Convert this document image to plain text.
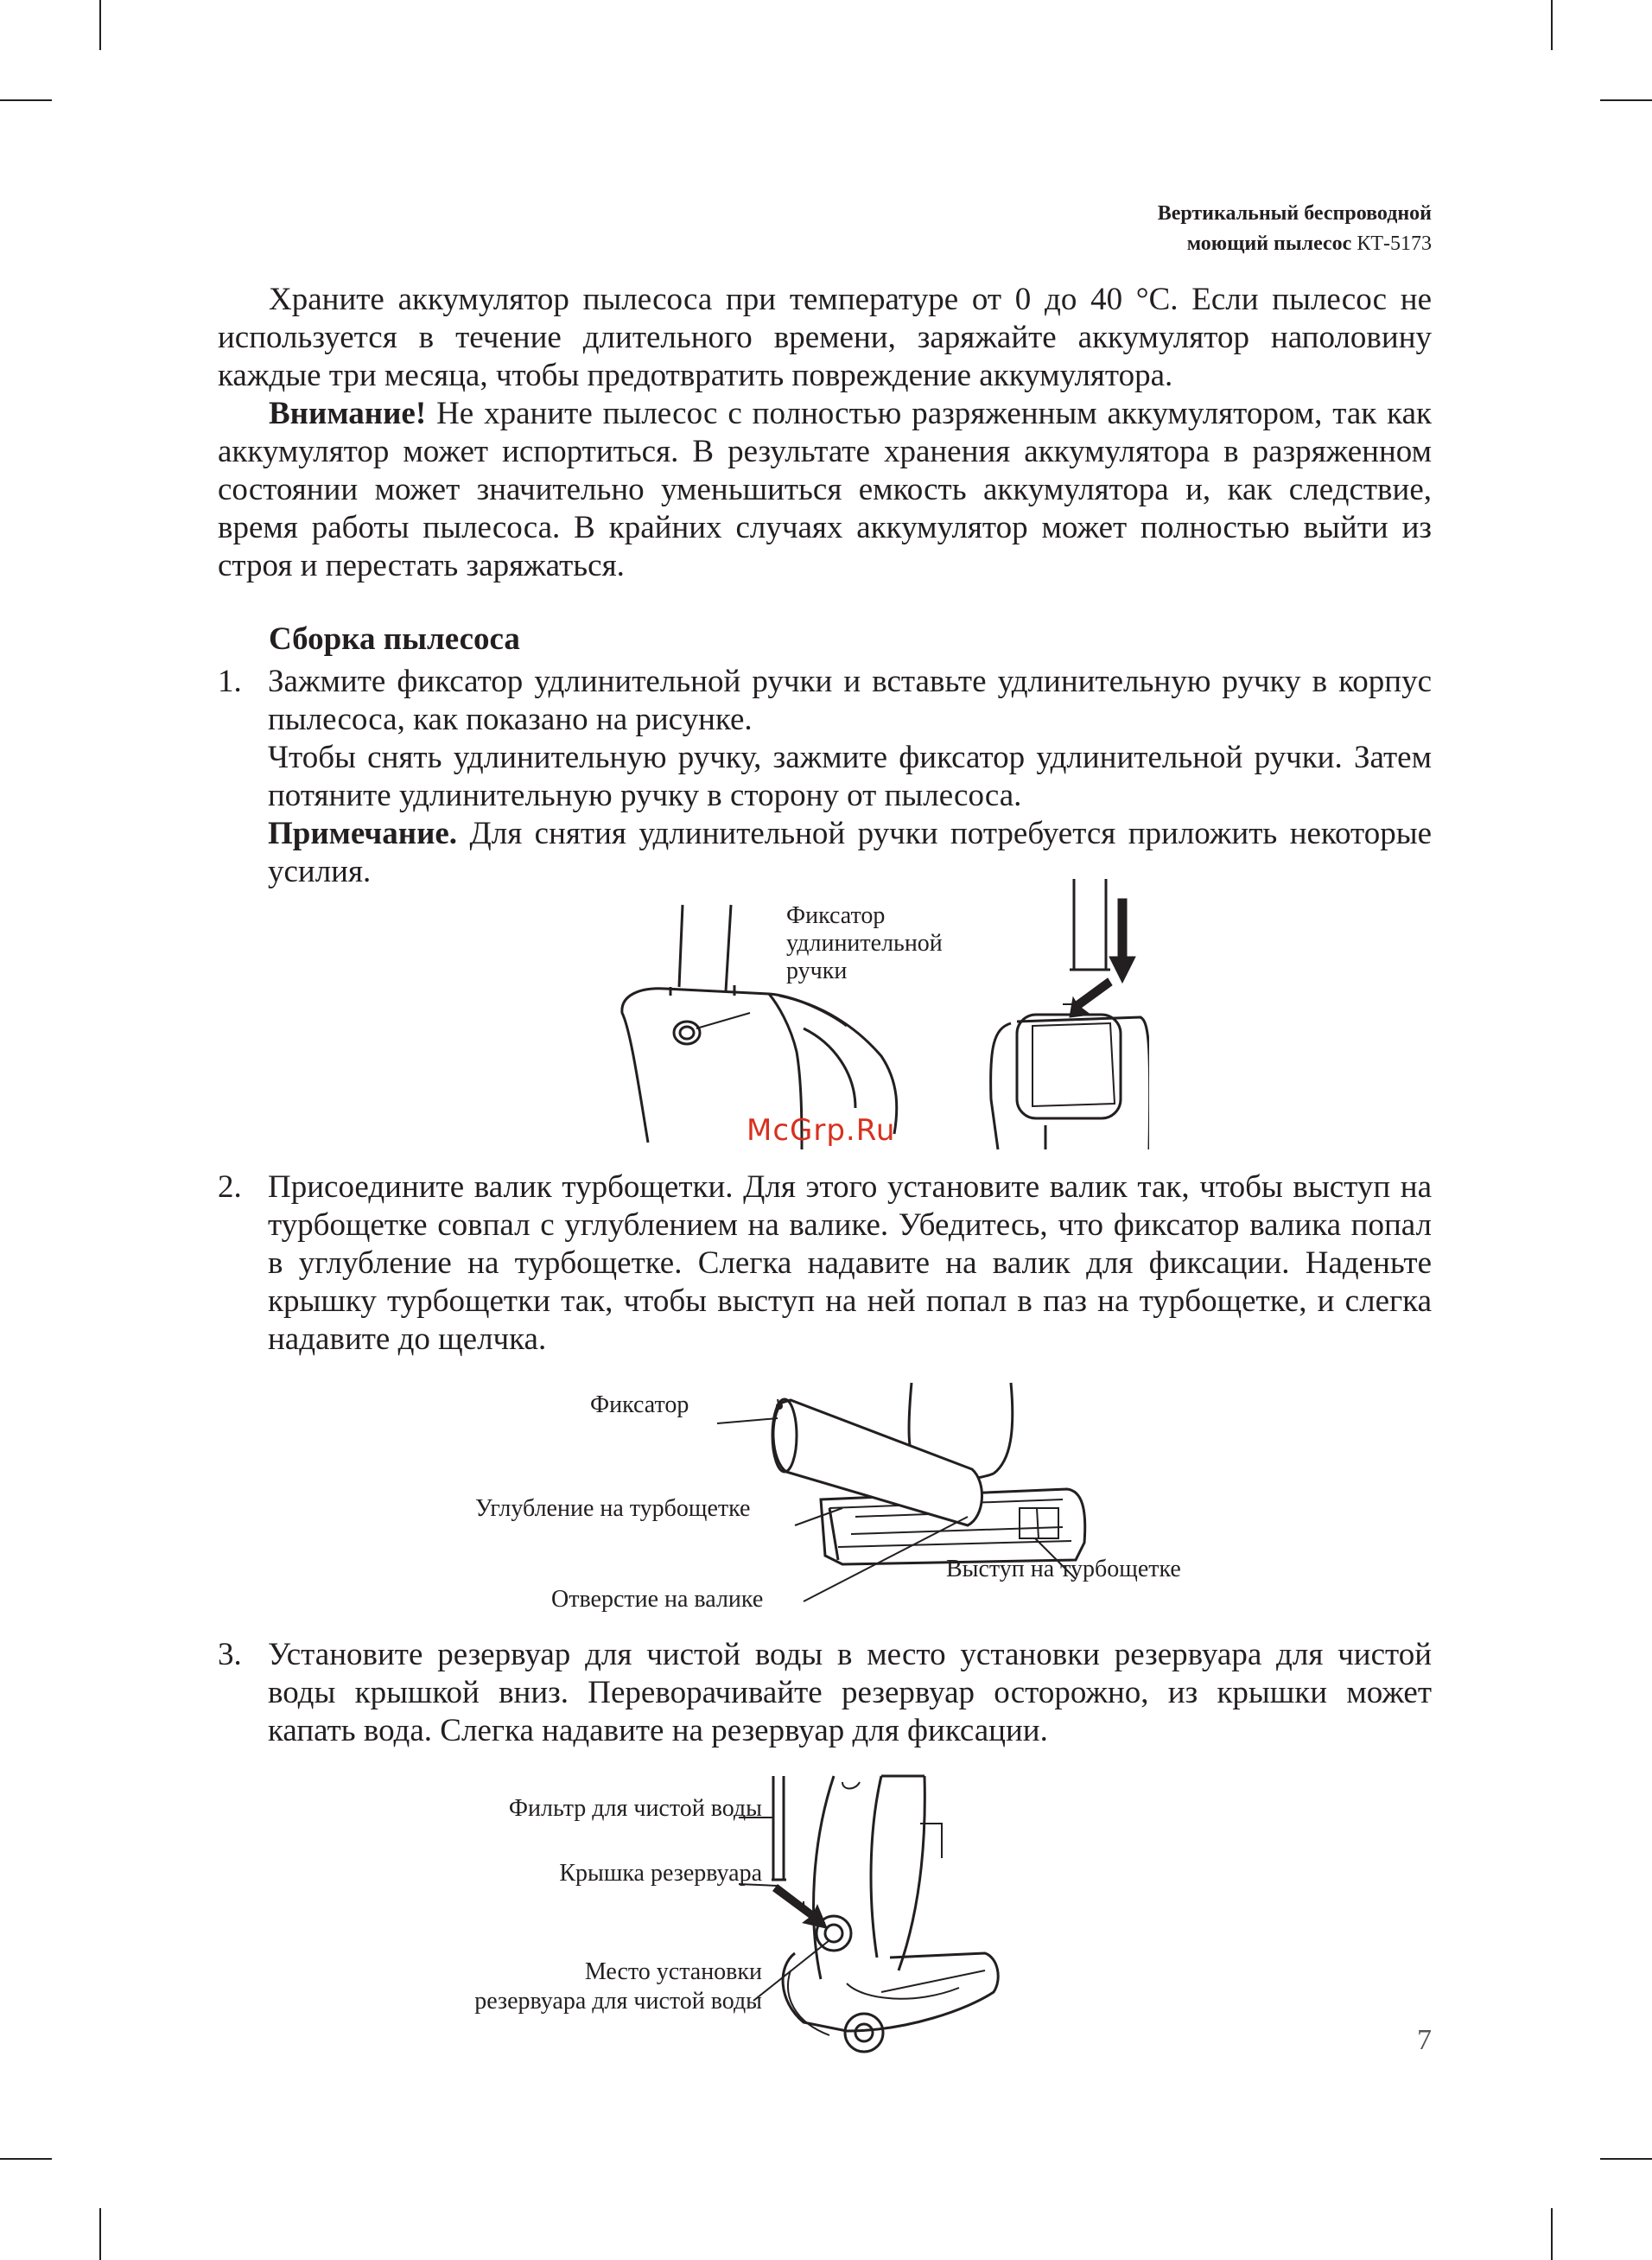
Вертикальный беспроводной
моющий пылесос КТ-5173

Храните аккумулятор пылесоса при температуре от 0 до 40 °С. Если пылесос не используется в течение длительного времени, заряжайте аккумулятор наполовину каждые три месяца, чтобы предотвратить повреждение аккумулятора.

Внимание! Не храните пылесос с полностью разряженным аккумулятором, так как аккумулятор может испортиться. В результате хранения аккумулятора в разряженном состоянии может значительно уменьшиться емкость аккумулятора и, как следствие, время работы пылесоса. В крайних случаях аккумулятор может полностью выйти из строя и перестать заряжаться.

Сборка пылесоса
1. Зажмите фиксатор удлинительной ручки и вставьте удлинительную ручку в корпус пылесоса, как показано на рисунке.

Чтобы снять удлинительную ручку, зажмите фиксатор удлинительной ручки. Затем потяните удлинительную ручку в сторону от пылесоса.

Примечание. Для снятия удлинительной ручки потребуется приложить некоторые усилия.

Фиксатор
удлинительной
ручки
McGrp.Ru
2. Присоедините валик турбощетки. Для этого установите валик так, чтобы выступ на турбощетке совпал с углублением на валике. Убедитесь, что фиксатор валика попал в углубление на турбощетке. Слегка надавите на валик для фиксации. Наденьте крышку турбощетки так, чтобы выступ на ней попал в паз на турбощетке, и слегка надавите до щелчка.
Фиксатор
Углубление на турбощетке
Отверстие на валике
Выступ на турбощетке
3. Установите резервуар для чистой воды в место установки резервуара для чистой воды крышкой вниз. Переворачивайте резервуар осторожно, из крышки может капать вода. Слегка надавите на резервуар для фиксации.
Фильтр для чистой воды
Крышка резервуара
Место установки
резервуара для чистой воды
7
